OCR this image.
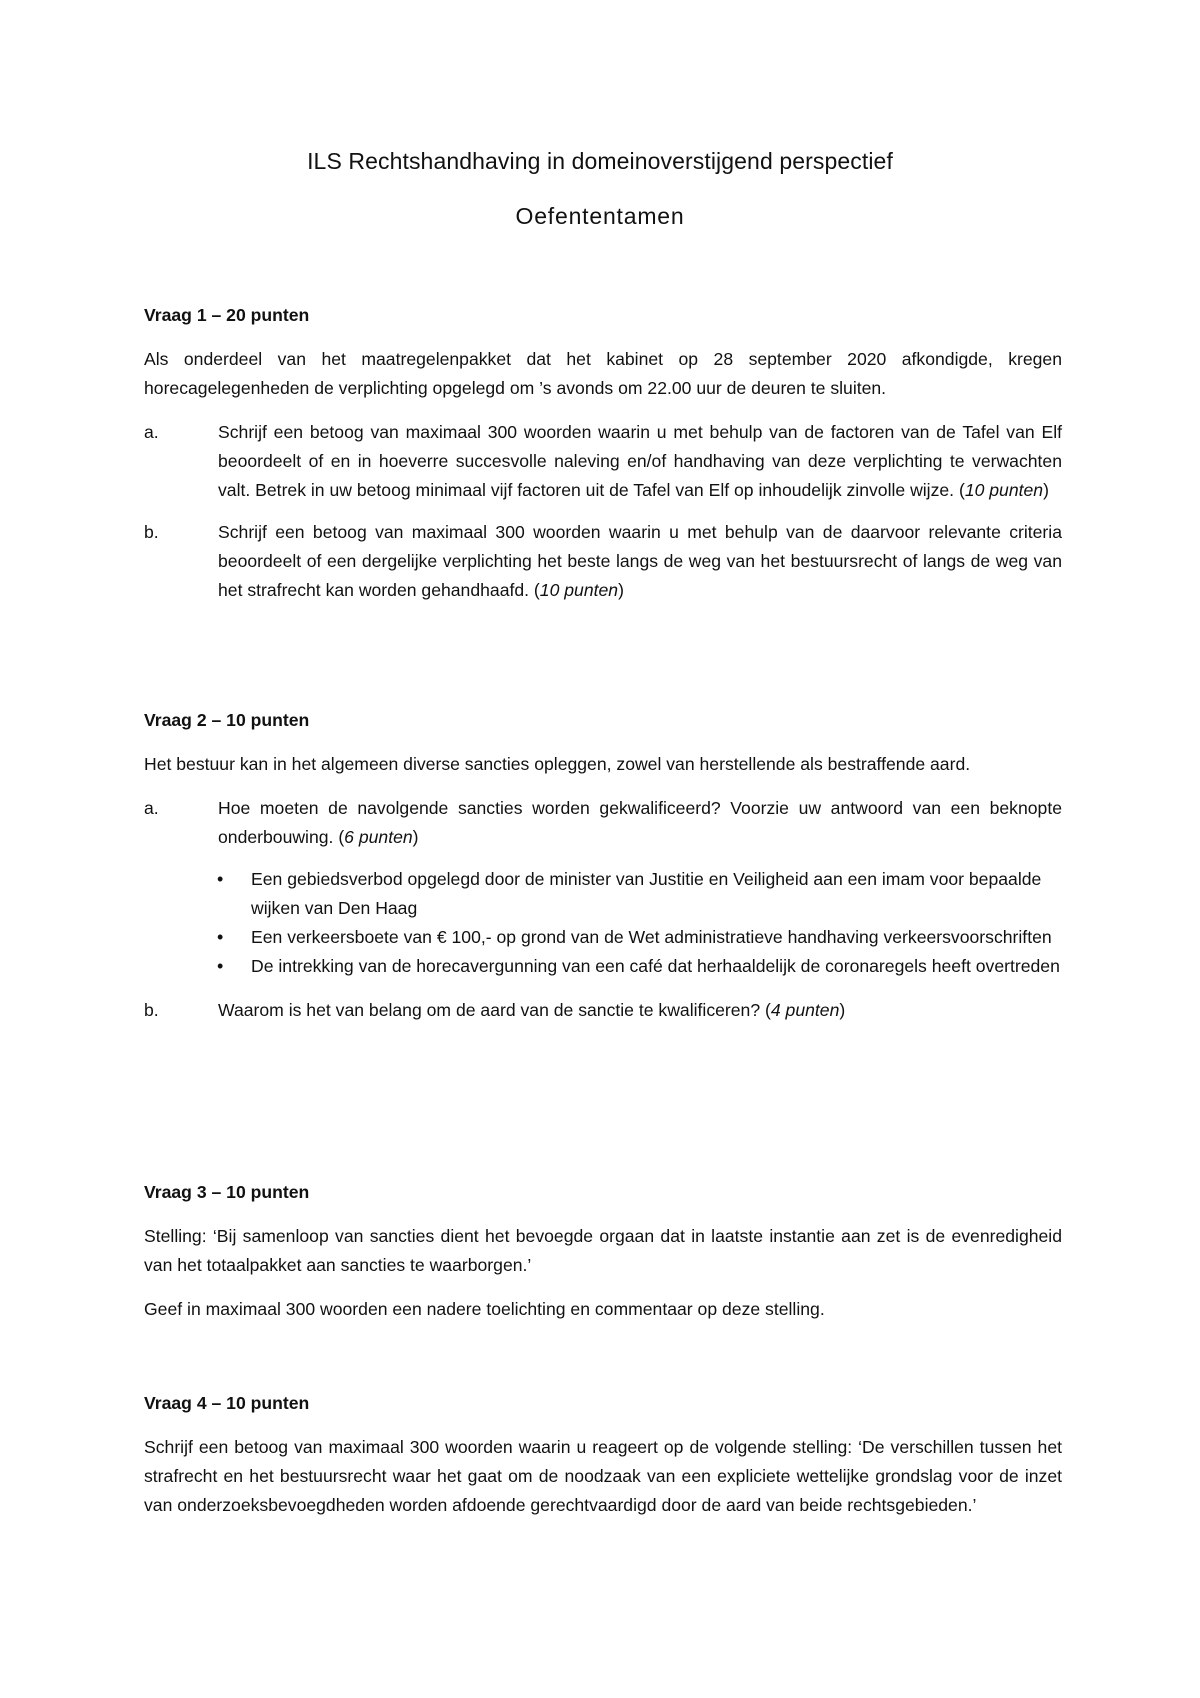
ILS Rechtshandhaving in domeinoverstijgend perspectief
Oefententamen

Vraag 1 – 20 punten

Als onderdeel van het maatregelenpakket dat het kabinet op 28 september 2020 afkondigde, kregen horecagelegenheden de verplichting opgelegd om ’s avonds om 22.00 uur de deuren te sluiten.

a.	Schrijf een betoog van maximaal 300 woorden waarin u met behulp van de factoren van de Tafel van Elf beoordeelt of en in hoeverre succesvolle naleving en/of handhaving van deze verplichting te verwachten valt. Betrek in uw betoog minimaal vijf factoren uit de Tafel van Elf op inhoudelijk zinvolle wijze. (10 punten)
b.	Schrijf een betoog van maximaal 300 woorden waarin u met behulp van de daarvoor relevante criteria beoordeelt of een dergelijke verplichting het beste langs de weg van het bestuursrecht of langs de weg van het strafrecht kan worden gehandhaafd. (10 punten)

Vraag 2 – 10 punten

Het bestuur kan in het algemeen diverse sancties opleggen, zowel van herstellende als bestraffende aard.

a.	Hoe moeten de navolgende sancties worden gekwalificeerd? Voorzie uw antwoord van een beknopte onderbouwing. (6 punten)
• Een gebiedsverbod opgelegd door de minister van Justitie en Veiligheid aan een imam voor bepaalde wijken van Den Haag
• Een verkeersboete van € 100,- op grond van de Wet administratieve handhaving verkeersvoorschriften
• De intrekking van de horecavergunning van een café dat herhaaldelijk de coronaregels heeft overtreden
b.	Waarom is het van belang om de aard van de sanctie te kwalificeren? (4 punten)

Vraag 3 – 10 punten

Stelling: ‘Bij samenloop van sancties dient het bevoegde orgaan dat in laatste instantie aan zet is de evenredigheid van het totaalpakket aan sancties te waarborgen.’

Geef in maximaal 300 woorden een nadere toelichting en commentaar op deze stelling.

Vraag 4 – 10 punten

Schrijf een betoog van maximaal 300 woorden waarin u reageert op de volgende stelling: ‘De verschillen tussen het strafrecht en het bestuursrecht waar het gaat om de noodzaak van een expliciete wettelijke grondslag voor de inzet van onderzoeksbevoegdheden worden afdoende gerechtvaardigd door de aard van beide rechtsgebieden.’
